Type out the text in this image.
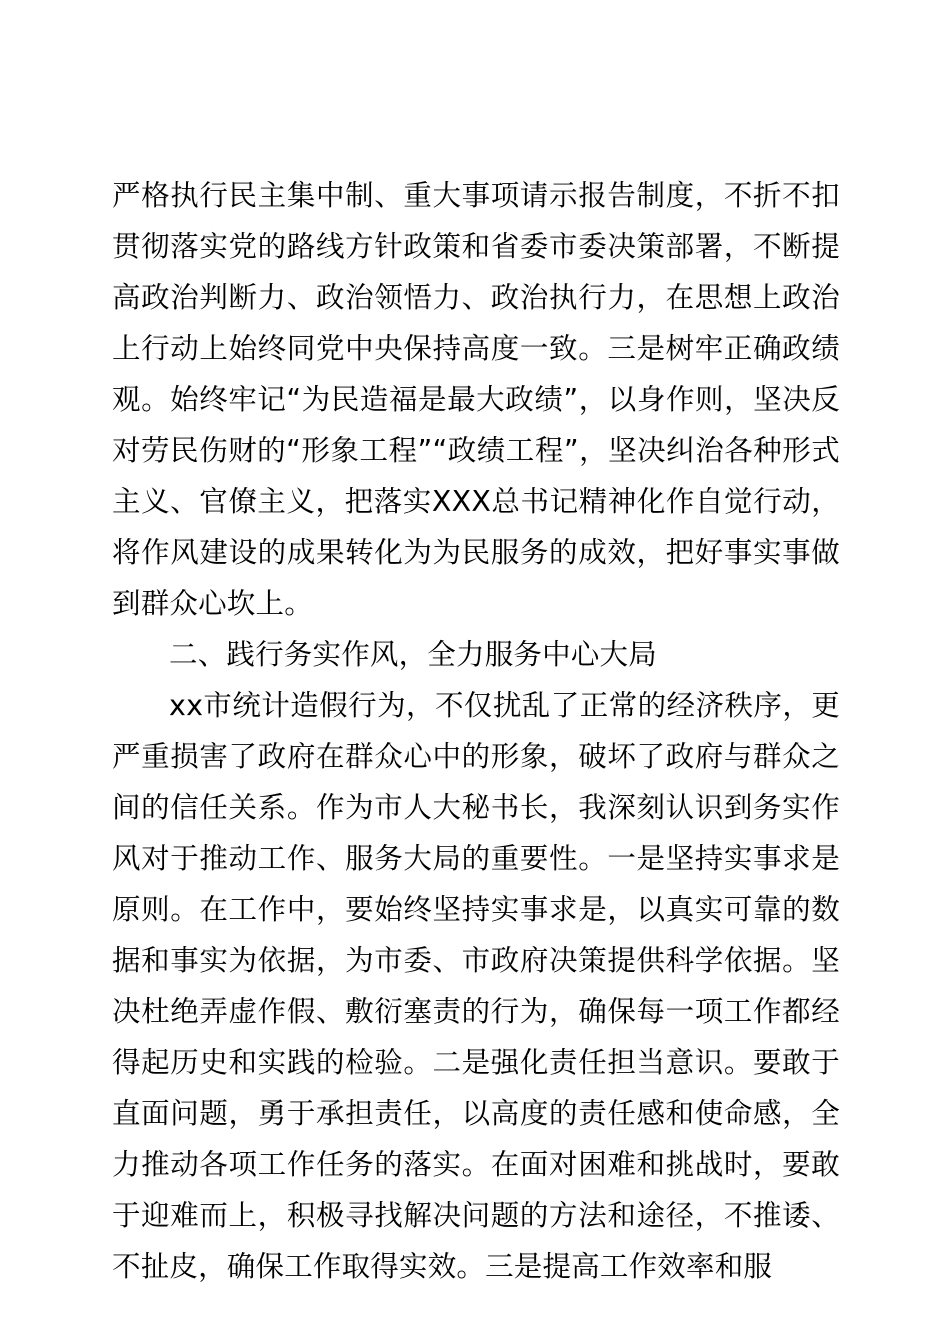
严格执行民主集中制、重大事项请示报告制度，不折不扣贯彻落实党的路线方针政策和省委市委决策部署，不断提高政治判断力、政治领悟力、政治执行力，在思想上政治上行动上始终同党中央保持高度一致。三是树牢正确政绩观。始终牢记“为民造福是最大政绩”，以身作则，坚决反对劳民伤财的“形象工程”“政绩工程”，坚决纠治各种形式主义、官僚主义，把落实XXX总书记精神化作自觉行动，将作风建设的成果转化为为民服务的成效，把好事实事做到群众心坎上。

二、践行务实作风，全力服务中心大局

xx市统计造假行为，不仅扰乱了正常的经济秩序，更严重损害了政府在群众心中的形象，破坏了政府与群众之间的信任关系。作为市人大秘书长，我深刻认识到务实作风对于推动工作、服务大局的重要性。一是坚持实事求是原则。在工作中，要始终坚持实事求是，以真实可靠的数据和事实为依据，为市委、市政府决策提供科学依据。坚决杜绝弄虚作假、敷衍塞责的行为，确保每一项工作都经得起历史和实践的检验。二是强化责任担当意识。要敢于直面问题，勇于承担责任，以高度的责任感和使命感，全力推动各项工作任务的落实。在面对困难和挑战时，要敢于迎难而上，积极寻找解决问题的方法和途径，不推诿、不扯皮，确保工作取得实效。三是提高工作效率和服
